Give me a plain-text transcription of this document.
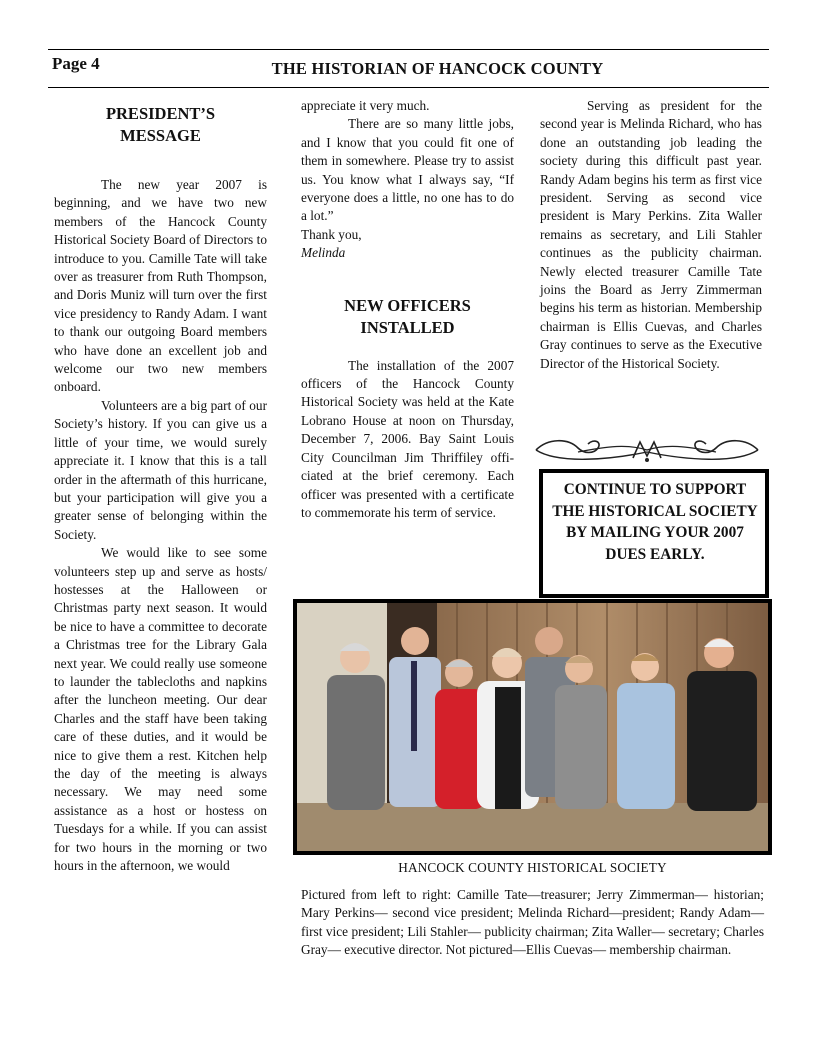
Page 4	THE HISTORIAN OF HANCOCK COUNTY
PRESIDENT’S
MESSAGE

The new year 2007 is beginning, and we have two new members of the Hancock County Historical Society Board of Directors to introduce to you. Camille Tate will take over as treasurer from Ruth Thompson, and Doris Muniz will turn over the first vice presidency to Randy Adam. I want to thank our outgoing Board members who have done an excellent job and welcome our two new members onboard.

Volunteers are a big part of our Society’s history. If you can give us a little of your time, we would surely appreciate it. I know that this is a tall order in the aftermath of this hurricane, but your participation will give you a greater sense of belonging within the Society.

We would like to see some volunteers step up and serve as hosts/ hostesses at the Halloween or Christmas party next season. It would be nice to have a committee to decorate a Christmas tree for the Library Gala next year. We could really use someone to launder the tablecloths and napkins after the luncheon meeting. Our dear Charles and the staff have been taking care of these duties, and it would be nice to give them a rest. Kitchen help the day of the meeting is always necessary. We may need some assistance as a host or hostess on Tuesdays for a while. If you can assist for two hours in the morning or two hours in the afternoon, we would

appreciate it very much.

There are so many little jobs, and I know that you could fit one of them in somewhere. Please try to assist us. You know what I always say, “If everyone does a little, no one has to do a lot.”

Thank you,
Melinda

NEW OFFICERS
INSTALLED

The installation of the 2007 officers of the Hancock County Historical Society was held at the Kate Lobrano House at noon on Thursday, December 7, 2006. Bay Saint Louis City Councilman Jim Thriffiley officiated at the brief ceremony. Each officer was presented with a certificate to commemorate his term of service.

Serving as president for the second year is Melinda Richard, who has done an outstanding job leading the society during this difficult past year. Randy Adam begins his term as first vice president. Serving as second vice president is Mary Perkins. Zita Waller remains as secretary, and Lili Stahler continues as the publicity chairman. Newly elected treasurer Camille Tate joins the Board as Jerry Zimmerman begins his term as historian. Membership chairman is Ellis Cuevas, and Charles Gray continues to serve as the Executive Director of the Historical Society.

CONTINUE TO SUPPORT THE HISTORICAL SOCIETY BY MAILING YOUR 2007 DUES EARLY.
HANCOCK COUNTY HISTORICAL SOCIETY
Pictured from left to right: Camille Tate—treasurer; Jerry Zimmerman— historian; Mary Perkins— second vice president; Melinda Richard—president; Randy Adam—first vice president; Lili Stahler— publicity chairman; Zita Waller— secretary; Charles Gray— executive director. Not pictured—Ellis Cuevas— membership chairman.
